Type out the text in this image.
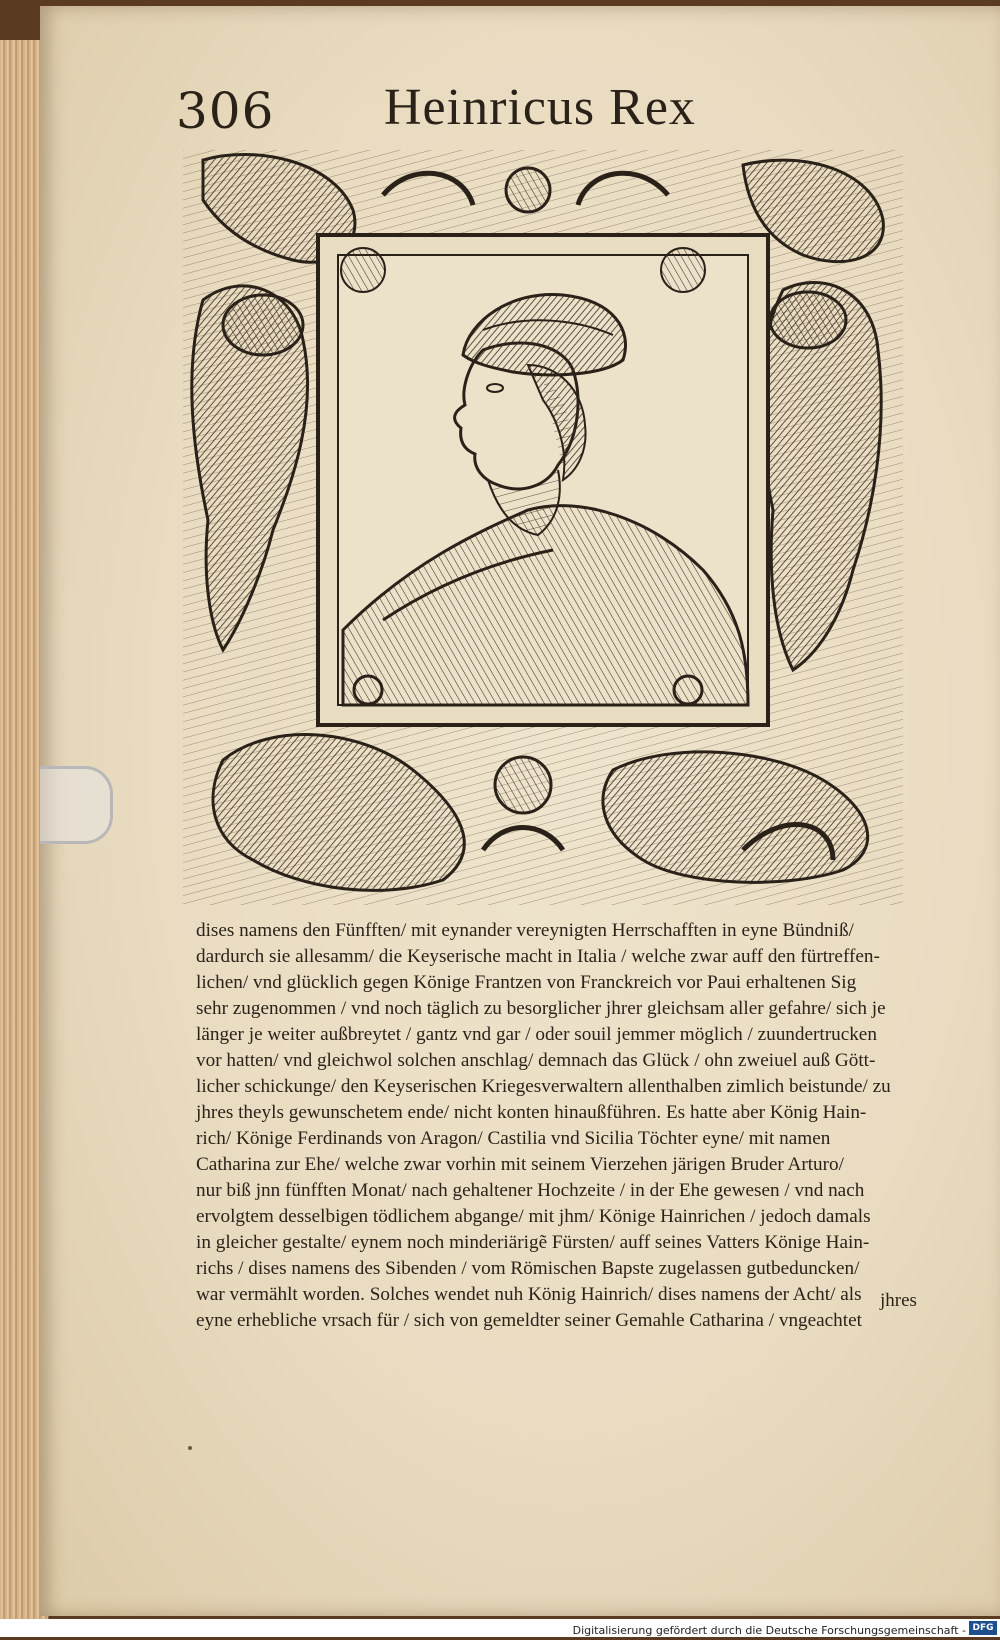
306 Heinricus Rex
dises namens den Fünfften/ mit eynander vereynigten Herrschafften in eyne Bündniß/
dardurch sie allesamm/ die Keyserische macht in Italia / welche zwar auff den fürtreffen-
lichen/ vnd glücklich gegen Könige Frantzen von Franckreich vor Paui erhaltenen Sig
sehr zugenommen / vnd noch täglich zu besorglicher jhrer gleichsam aller gefahre/ sich je
länger je weiter außbreytet / gantz vnd gar / oder souil jemmer möglich / zuundertrucken
vor hatten/ vnd gleichwol solchen anschlag/ demnach das Glück / ohn zweiuel auß Gött-
licher schickunge/ den Keyserischen Kriegesverwaltern allenthalben zimlich beistunde/ zu
jhres theyls gewunschetem ende/ nicht konten hinaußführen. Es hatte aber König Hain-
rich/ Könige Ferdinands von Aragon/ Castilia vnd Sicilia Töchter eyne/ mit namen
Catharina zur Ehe/ welche zwar vorhin mit seinem Vierzehen järigen Bruder Arturo/
nur biß jnn fünfften Monat/ nach gehaltener Hochzeite / in der Ehe gewesen / vnd nach
ervolgtem desselbigen tödlichem abgange/ mit jhm/ Könige Hainrichen / jedoch damals
in gleicher gestalte/ eynem noch minderiärigẽ Fürsten/ auff seines Vatters Könige Hain-
richs / dises namens des Sibenden / vom Römischen Bapste zugelassen gutbeduncken/
war vermählt worden. Solches wendet nuh König Hainrich/ dises namens der Acht/ als
eyne erhebliche vrsach für / sich von gemeldter seiner Gemahle Catharina / vngeachtet
jhres
Digitalisierung gefördert durch die Deutsche Forschungsgemeinschaft - DFG
